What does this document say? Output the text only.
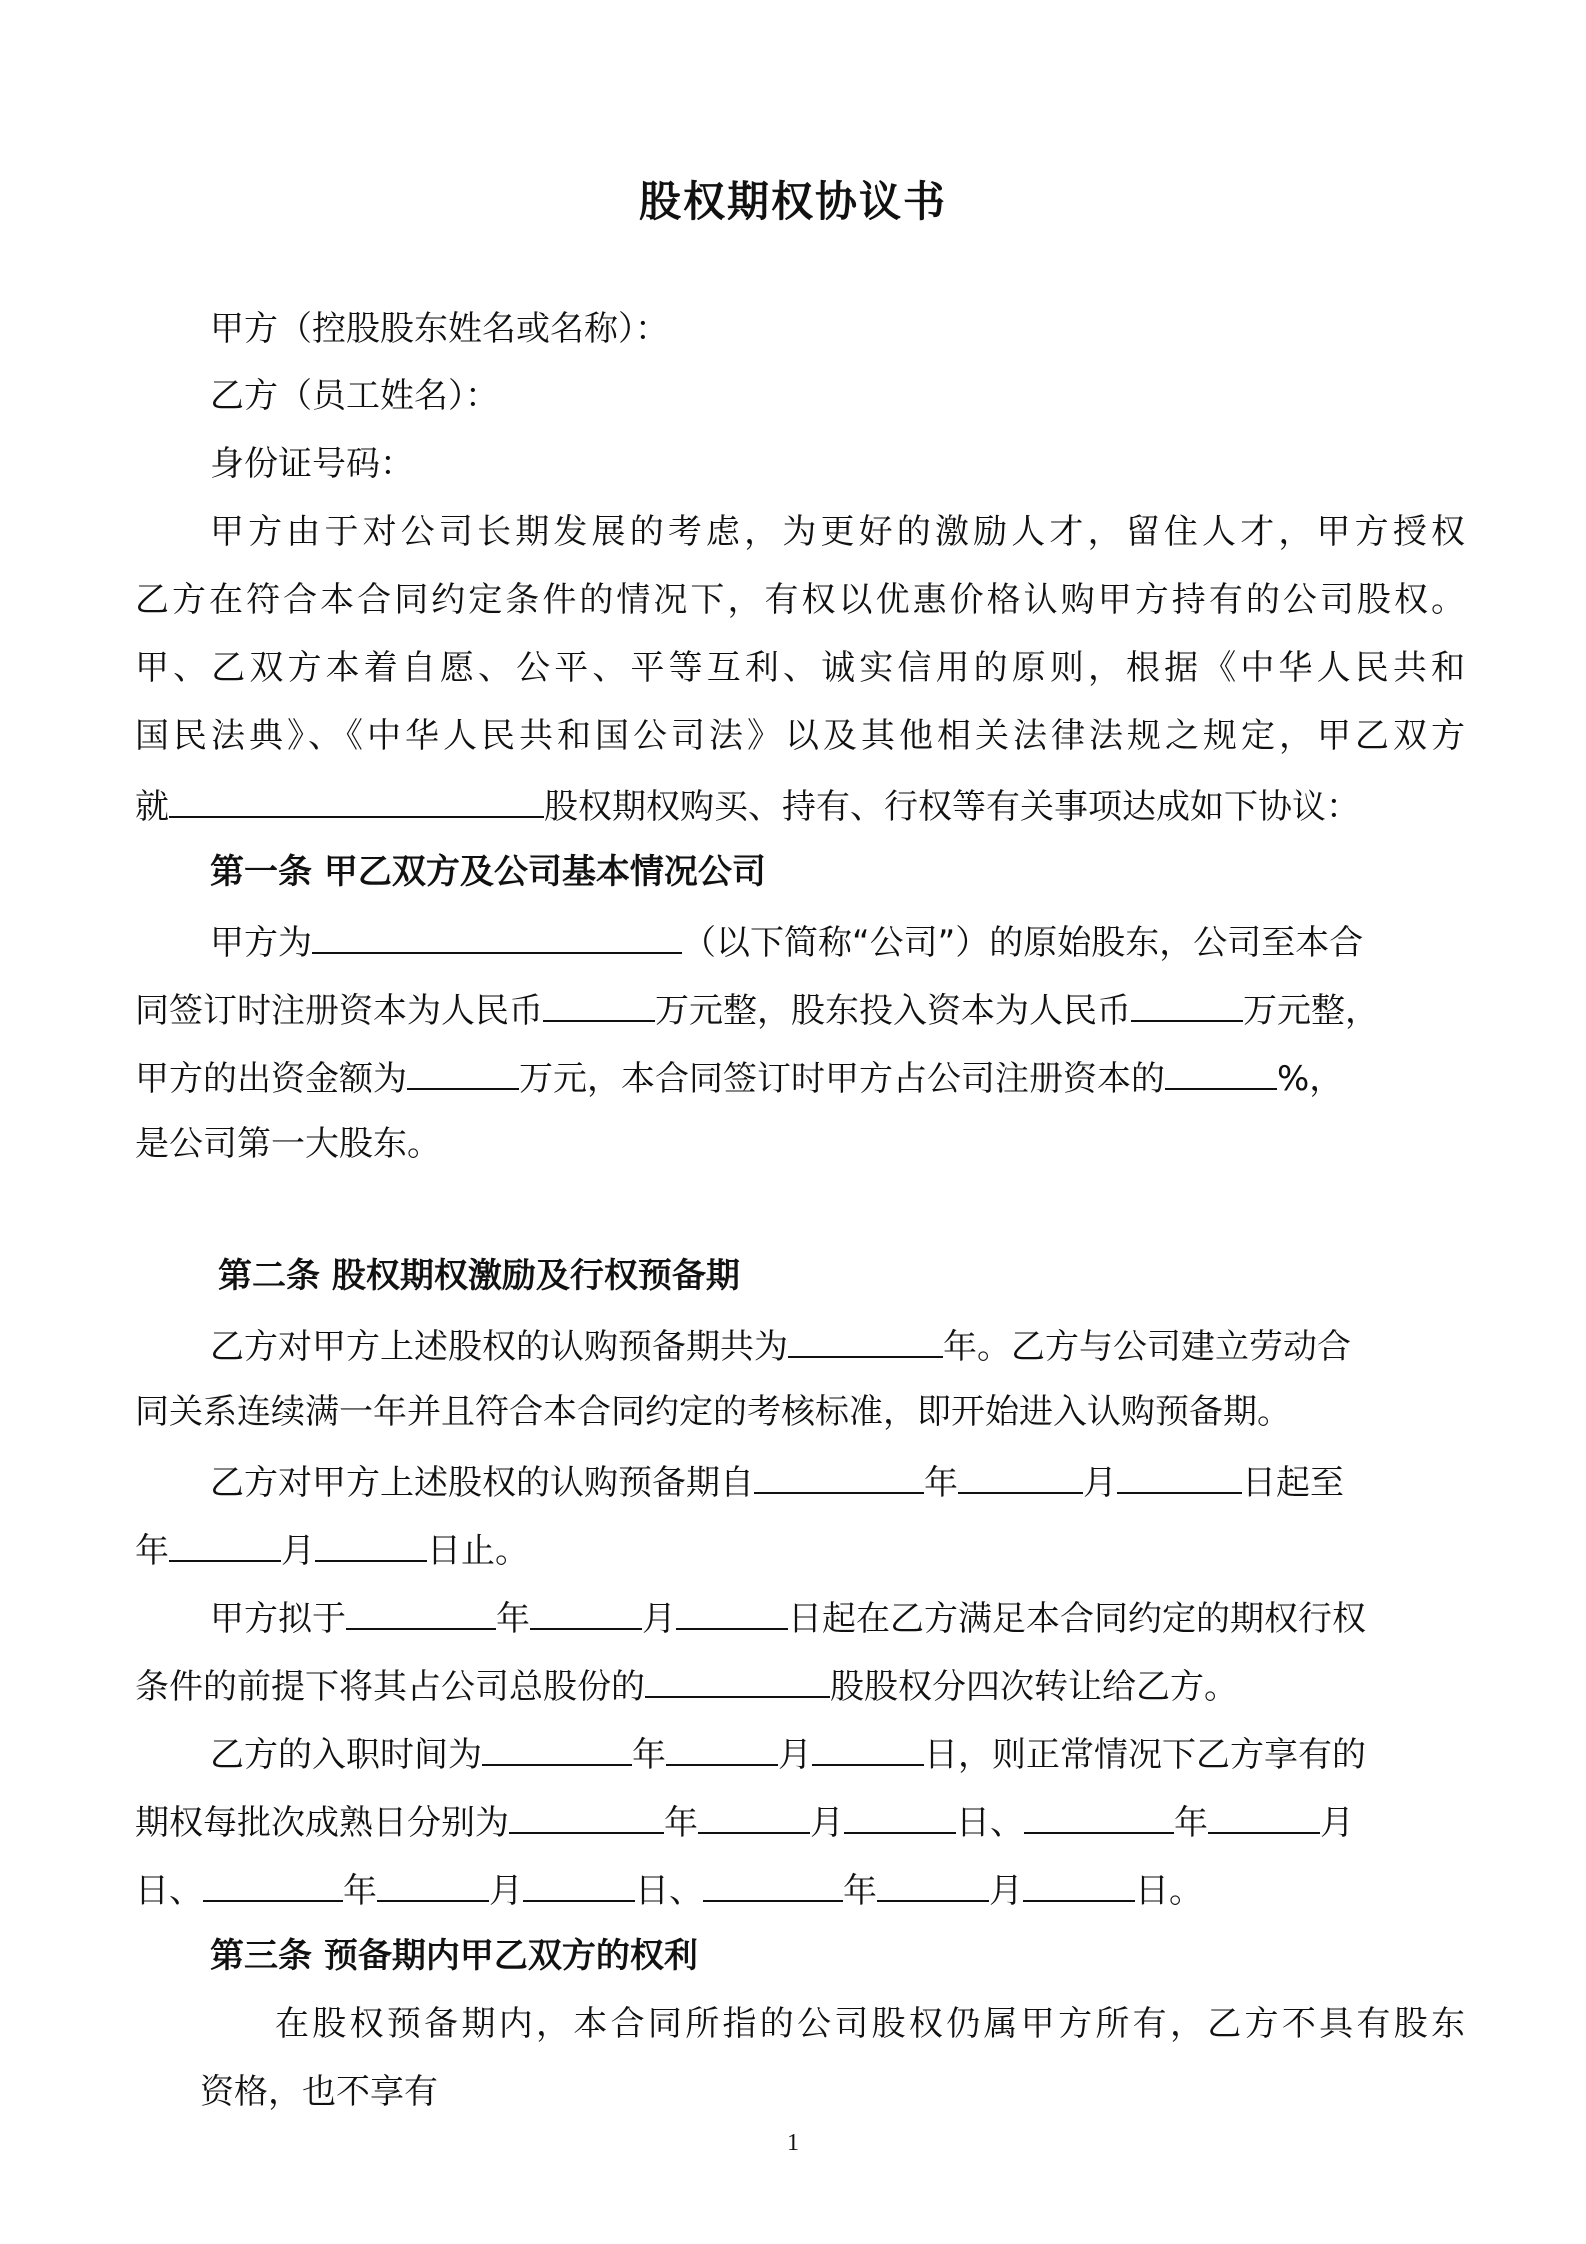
股权期权协议书
甲方（控股股东姓名或名称）：
乙方（员工姓名）：
身份证号码：
甲方由于对公司长期发展的考虑，为更好的激励人才，留住人才，甲方授权
乙方在符合本合同约定条件的情况下，有权以优惠价格认购甲方持有的公司股权。
甲、乙双方本着自愿、公平、平等互利、诚实信用的原则，根据《中华人民共和
国民法典》、《中华人民共和国公司法》以及其他相关法律法规之规定，甲乙双方
就	股权期权购买、持有、行权等有关事项达成如下协议：
第一条 甲乙双方及公司基本情况公司
甲方为	（以下简称“公司”）的原始股东，公司至本合
同签订时注册资本为人民币	万元整，股东投入资本为人民币	万元整，
甲方的出资金额为	万元，本合同签订时甲方占公司注册资本的	%，
是公司第一大股东。
第二条 股权期权激励及行权预备期
乙方对甲方上述股权的认购预备期共为	年。乙方与公司建立劳动合
同关系连续满一年并且符合本合同约定的考核标准，即开始进入认购预备期。
乙方对甲方上述股权的认购预备期自	年	月	日起至
年	月	日止。
甲方拟于	年	月	日起在乙方满足本合同约定的期权行权
条件的前提下将其占公司总股份的	股股权分四次转让给乙方。
乙方的入职时间为	年	月	日，则正常情况下乙方享有的
期权每批次成熟日分别为	年	月	日、	年	月
日、	年	月	日、	年	月	日。
第三条 预备期内甲乙双方的权利
在股权预备期内，本合同所指的公司股权仍属甲方所有，乙方不具有股东
资格，也不享有
1
